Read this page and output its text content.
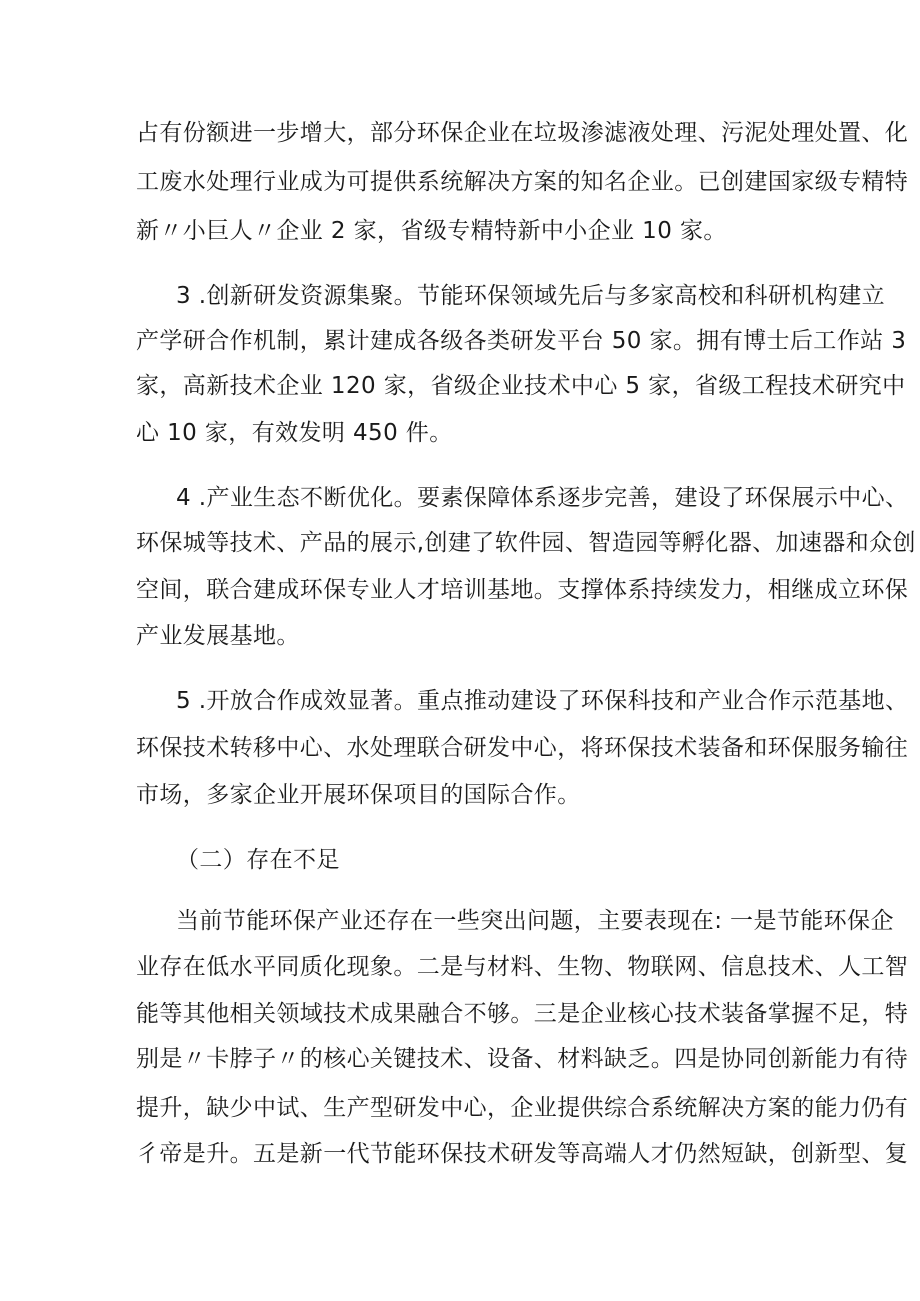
占有份额进一步增大，部分环保企业在垃圾渗滤液处理、污泥处理处置、化
工废水处理行业成为可提供系统解决方案的知名企业。已创建国家级专精特
新〃小巨人〃企业 2 家，省级专精特新中小企业 10 家。
3 .创新研发资源集聚。节能环保领域先后与多家高校和科研机构建立
产学研合作机制，累计建成各级各类研发平台 50 家。拥有博士后工作站 3
家，高新技术企业 120 家，省级企业技术中心 5 家，省级工程技术研究中
心 10 家，有效发明 450 件。
4 .产业生态不断优化。要素保障体系逐步完善，建设了环保展示中心、
环保城等技术、产品的展示,创建了软件园、智造园等孵化器、加速器和众创
空间，联合建成环保专业人才培训基地。支撑体系持续发力，相继成立环保
产业发展基地。
5 .开放合作成效显著。重点推动建设了环保科技和产业合作示范基地、
环保技术转移中心、水处理联合研发中心，将环保技术装备和环保服务输往
市场，多家企业开展环保项目的国际合作。
（二）存在不足
当前节能环保产业还存在一些突出问题，主要表现在: 一是节能环保企
业存在低水平同质化现象。二是与材料、生物、物联网、信息技术、人工智
能等其他相关领域技术成果融合不够。三是企业核心技术装备掌握不足，特
别是〃卡脖子〃的核心关键技术、设备、材料缺乏。四是协同创新能力有待
提升，缺少中试、生产型研发中心，企业提供综合系统解决方案的能力仍有
彳帝是升。五是新一代节能环保技术研发等高端人才仍然短缺，创新型、复
